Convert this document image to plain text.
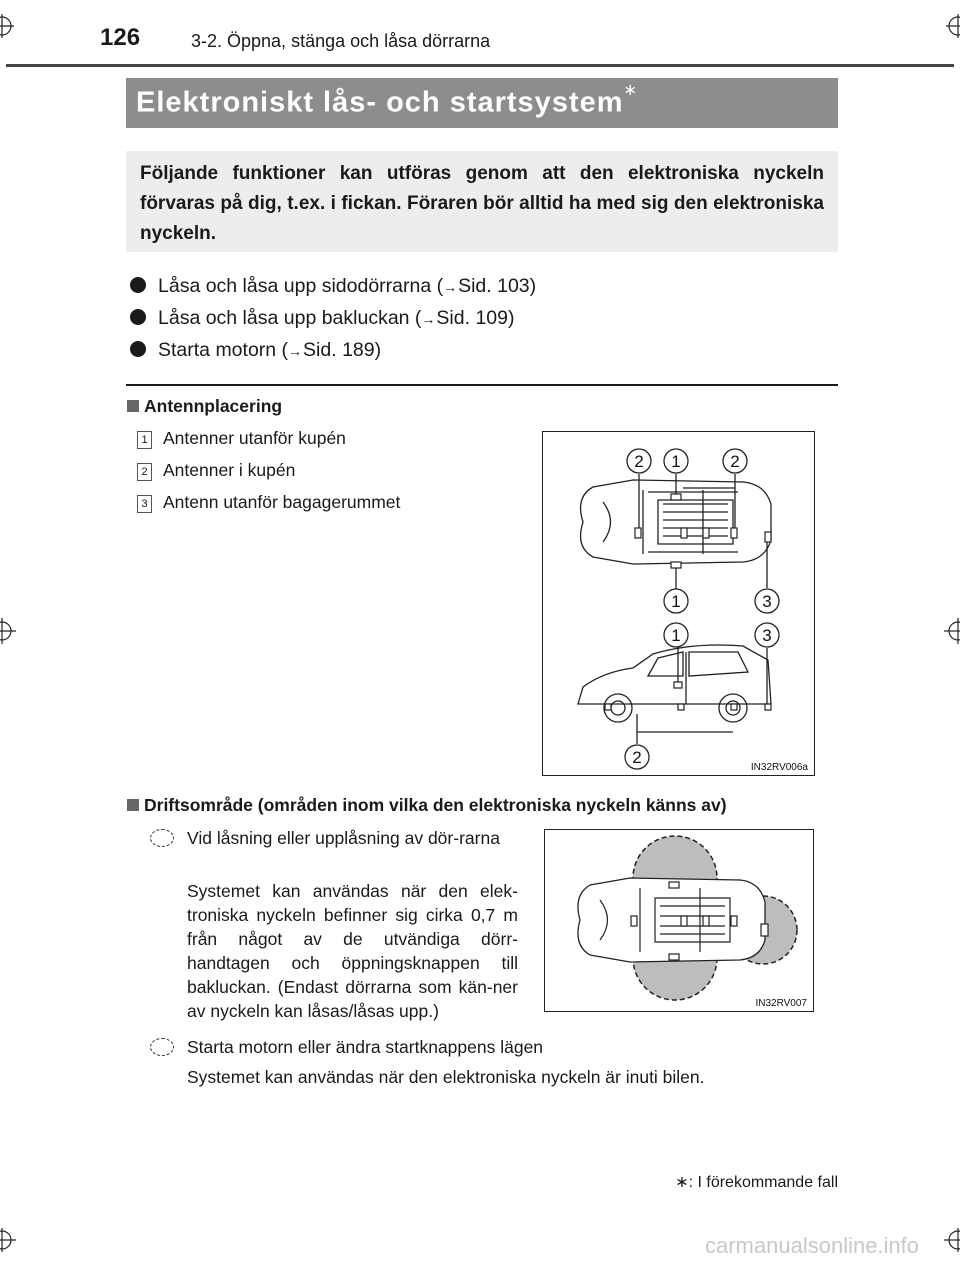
126	3-2. Öppna, stänga och låsa dörrarna
Elektroniskt lås- och startsystem∗
Följande funktioner kan utföras genom att den elektroniska nyckeln förvaras på dig, t.ex. i fickan. Föraren bör alltid ha med sig den elektroniska nyckeln.
Låsa och låsa upp sidodörrarna (→Sid. 103)
Låsa och låsa upp bakluckan (→Sid. 109)
Starta motorn (→Sid. 189)
Antennplacering
1 Antenner utanför kupén
2 Antenner i kupén
3 Antenn utanför bagagerummet
2 1	2
1	3
1	3
2
IN32RV006a
Driftsområde (områden inom vilka den elektroniska nyckeln känns av)
Vid låsning eller upplåsning av dör-rarna
Systemet kan användas när den elek-troniska nyckeln befinner sig cirka 0,7 m från något av de utvändiga dörr-handtagen och öppningsknappen till bakluckan. (Endast dörrarna som kän-ner av nyckeln kan låsas/låsas upp.)	IN32RV007
Starta motorn eller ändra startknappens lägen
Systemet kan användas när den elektroniska nyckeln är inuti bilen.
∗: I förekommande fall
carmanualsonline.info
